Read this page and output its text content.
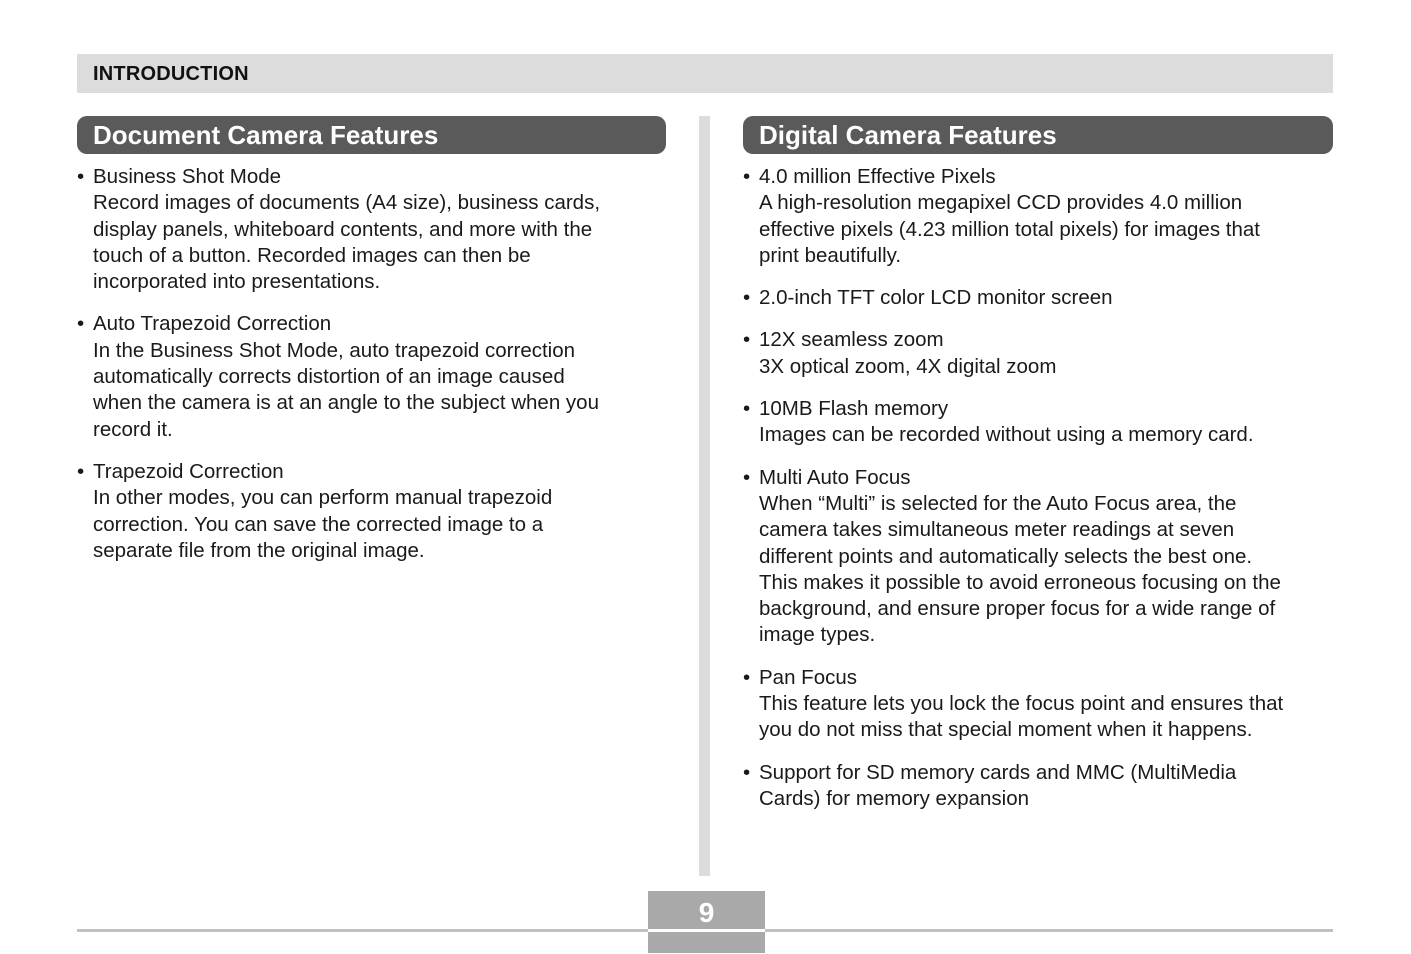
INTRODUCTION
Document Camera Features	Digital Camera Features
• Business Shot Mode
Record images of documents (A4 size), business cards,
display panels, whiteboard contents, and more with the
touch of a button. Recorded images can then be
incorporated into presentations.
• Auto Trapezoid Correction
In the Business Shot Mode, auto trapezoid correction
automatically corrects distortion of an image caused
when the camera is at an angle to the subject when you
record it.
• Trapezoid Correction
In other modes, you can perform manual trapezoid
correction. You can save the corrected image to a
separate file from the original image.
• 4.0 million Effective Pixels
A high-resolution megapixel CCD provides 4.0 million
effective pixels (4.23 million total pixels) for images that
print beautifully.
• 2.0-inch TFT color LCD monitor screen
• 12X seamless zoom
3X optical zoom, 4X digital zoom
• 10MB Flash memory
Images can be recorded without using a memory card.
• Multi Auto Focus
When “Multi” is selected for the Auto Focus area, the
camera takes simultaneous meter readings at seven
different points and automatically selects the best one.
This makes it possible to avoid erroneous focusing on the
background, and ensure proper focus for a wide range of
image types.
• Pan Focus
This feature lets you lock the focus point and ensures that
you do not miss that special moment when it happens.
• Support for SD memory cards and MMC (MultiMedia
Cards) for memory expansion
9
